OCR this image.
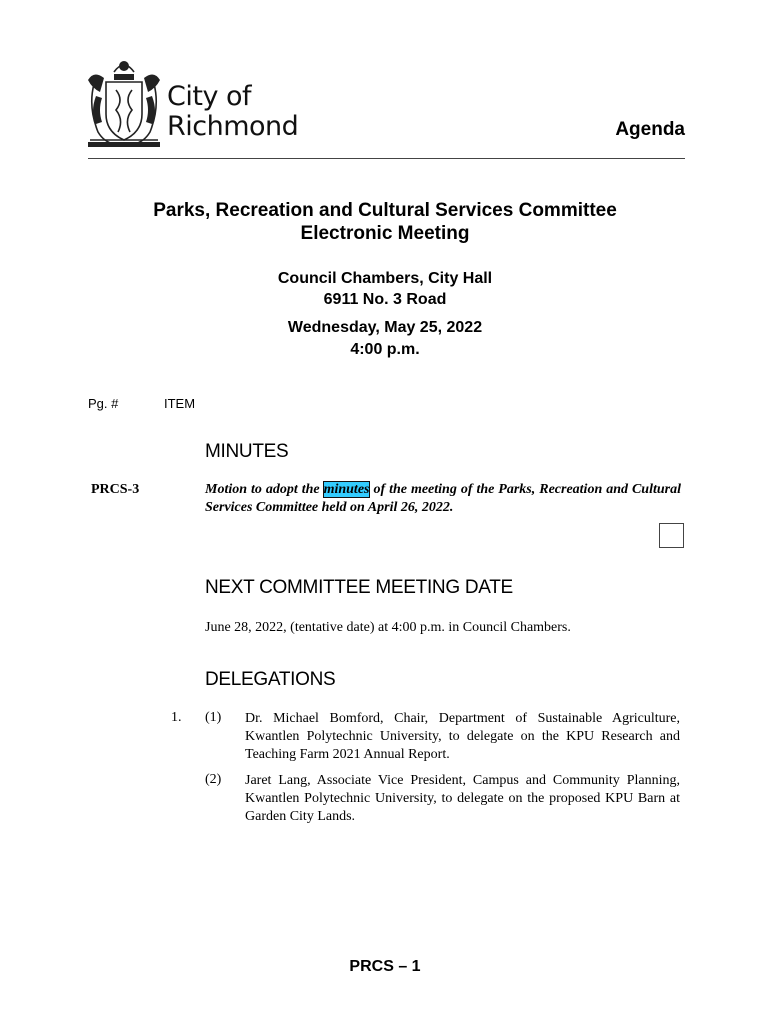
City of
Richmond	Agenda
Parks, Recreation and Cultural Services Committee
Electronic Meeting
Council Chambers, City Hall
6911 No. 3 Road
Wednesday, May 25, 2022
4:00 p.m.
Pg. #	ITEM
MINUTES
PRCS-3	Motion to adopt the minutes of the meeting of the Parks, Recreation and Cultural Services Committee held on April 26, 2022.
NEXT COMMITTEE MEETING DATE
June 28, 2022, (tentative date) at 4:00 p.m. in Council Chambers.
DELEGATIONS
1. (1) Dr. Michael Bomford, Chair, Department of Sustainable Agriculture, Kwantlen Polytechnic University, to delegate on the KPU Research and Teaching Farm 2021 Annual Report.
(2) Jaret Lang, Associate Vice President, Campus and Community Planning, Kwantlen Polytechnic University, to delegate on the proposed KPU Barn at Garden City Lands.
PRCS – 1
